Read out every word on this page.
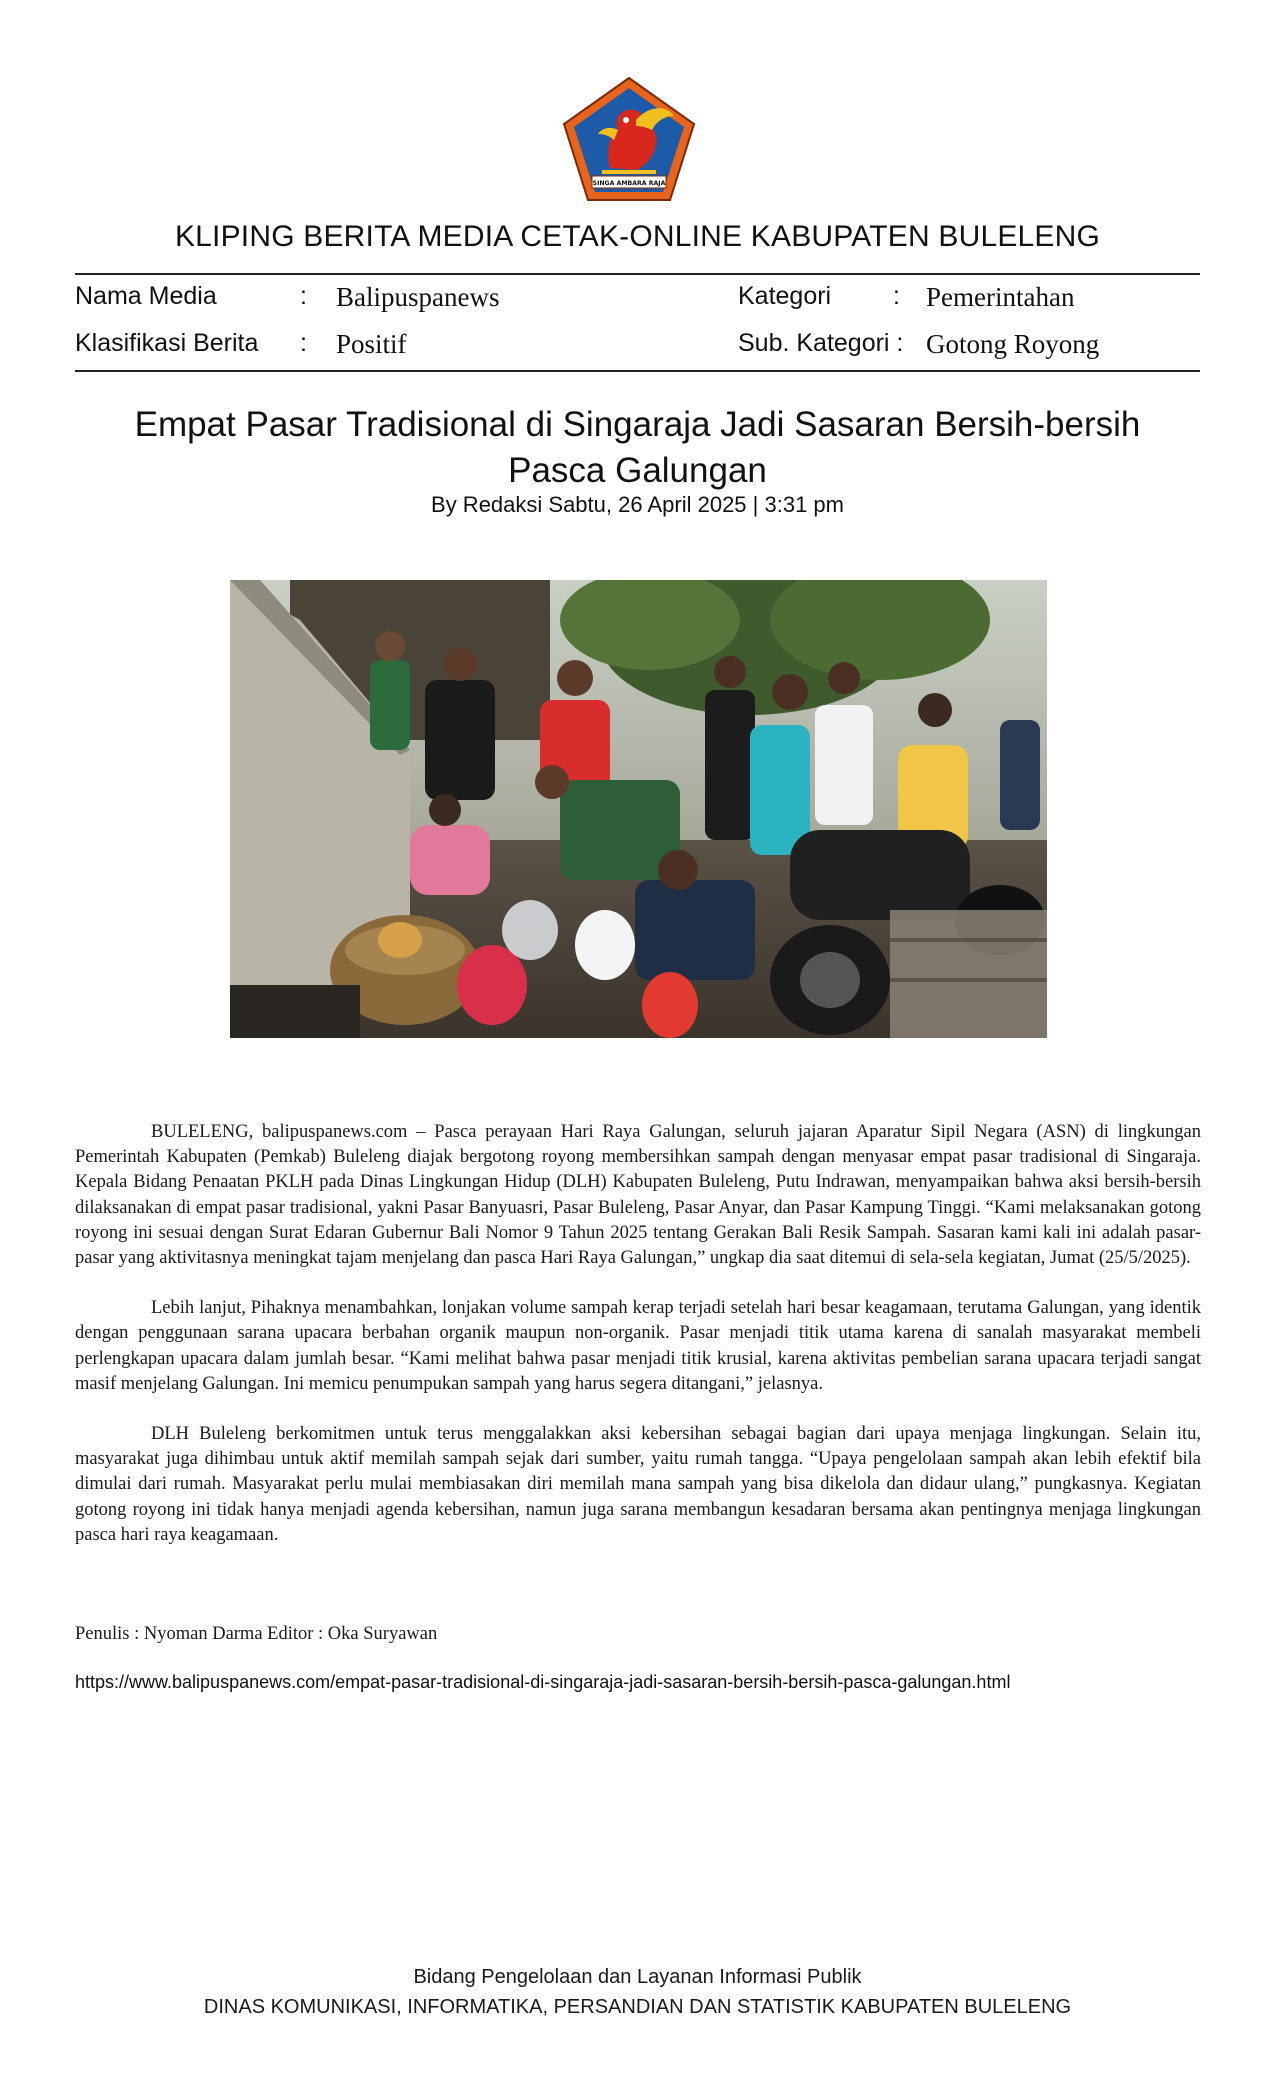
SINGA AMBARA RAJA
KLIPING BERITA MEDIA CETAK-ONLINE KABUPATEN BULELENG
Nama Media	: Balipuspanews	Kategori : Pemerintahan
Klasifikasi Berita : Positif	Sub. Kategori : Gotong Royong
Empat Pasar Tradisional di Singaraja Jadi Sasaran Bersih-bersih Pasca Galungan
By Redaksi Sabtu, 26 April 2025 | 3:31 pm

BULELENG, balipuspanews.com – Pasca perayaan Hari Raya Galungan, seluruh jajaran Aparatur Sipil Negara (ASN) di lingkungan Pemerintah Kabupaten (Pemkab) Buleleng diajak bergotong royong membersihkan sampah dengan menyasar empat pasar tradisional di Singaraja. Kepala Bidang Penaatan PKLH pada Dinas Lingkungan Hidup (DLH) Kabupaten Buleleng, Putu Indrawan, menyampaikan bahwa aksi bersih-bersih dilaksanakan di empat pasar tradisional, yakni Pasar Banyuasri, Pasar Buleleng, Pasar Anyar, dan Pasar Kampung Tinggi. “Kami melaksanakan gotong royong ini sesuai dengan Surat Edaran Gubernur Bali Nomor 9 Tahun 2025 tentang Gerakan Bali Resik Sampah. Sasaran kami kali ini adalah pasar-pasar yang aktivitasnya meningkat tajam menjelang dan pasca Hari Raya Galungan,” ungkap dia saat ditemui di sela-sela kegiatan, Jumat (25/5/2025).

Lebih lanjut, Pihaknya menambahkan, lonjakan volume sampah kerap terjadi setelah hari besar keagamaan, terutama Galungan, yang identik dengan penggunaan sarana upacara berbahan organik maupun non-organik. Pasar menjadi titik utama karena di sanalah masyarakat membeli perlengkapan upacara dalam jumlah besar. “Kami melihat bahwa pasar menjadi titik krusial, karena aktivitas pembelian sarana upacara terjadi sangat masif menjelang Galungan. Ini memicu penumpukan sampah yang harus segera ditangani,” jelasnya.

DLH Buleleng berkomitmen untuk terus menggalakkan aksi kebersihan sebagai bagian dari upaya menjaga lingkungan. Selain itu, masyarakat juga dihimbau untuk aktif memilah sampah sejak dari sumber, yaitu rumah tangga. “Upaya pengelolaan sampah akan lebih efektif bila dimulai dari rumah. Masyarakat perlu mulai membiasakan diri memilah mana sampah yang bisa dikelola dan didaur ulang,” pungkasnya. Kegiatan gotong royong ini tidak hanya menjadi agenda kebersihan, namun juga sarana membangun kesadaran bersama akan pentingnya menjaga lingkungan pasca hari raya keagamaan.

Penulis : Nyoman Darma Editor : Oka Suryawan
https://www.balipuspanews.com/empat-pasar-tradisional-di-singaraja-jadi-sasaran-bersih-bersih-pasca-galungan.html
Bidang Pengelolaan dan Layanan Informasi Publik
DINAS KOMUNIKASI, INFORMATIKA, PERSANDIAN DAN STATISTIK KABUPATEN BULELENG
